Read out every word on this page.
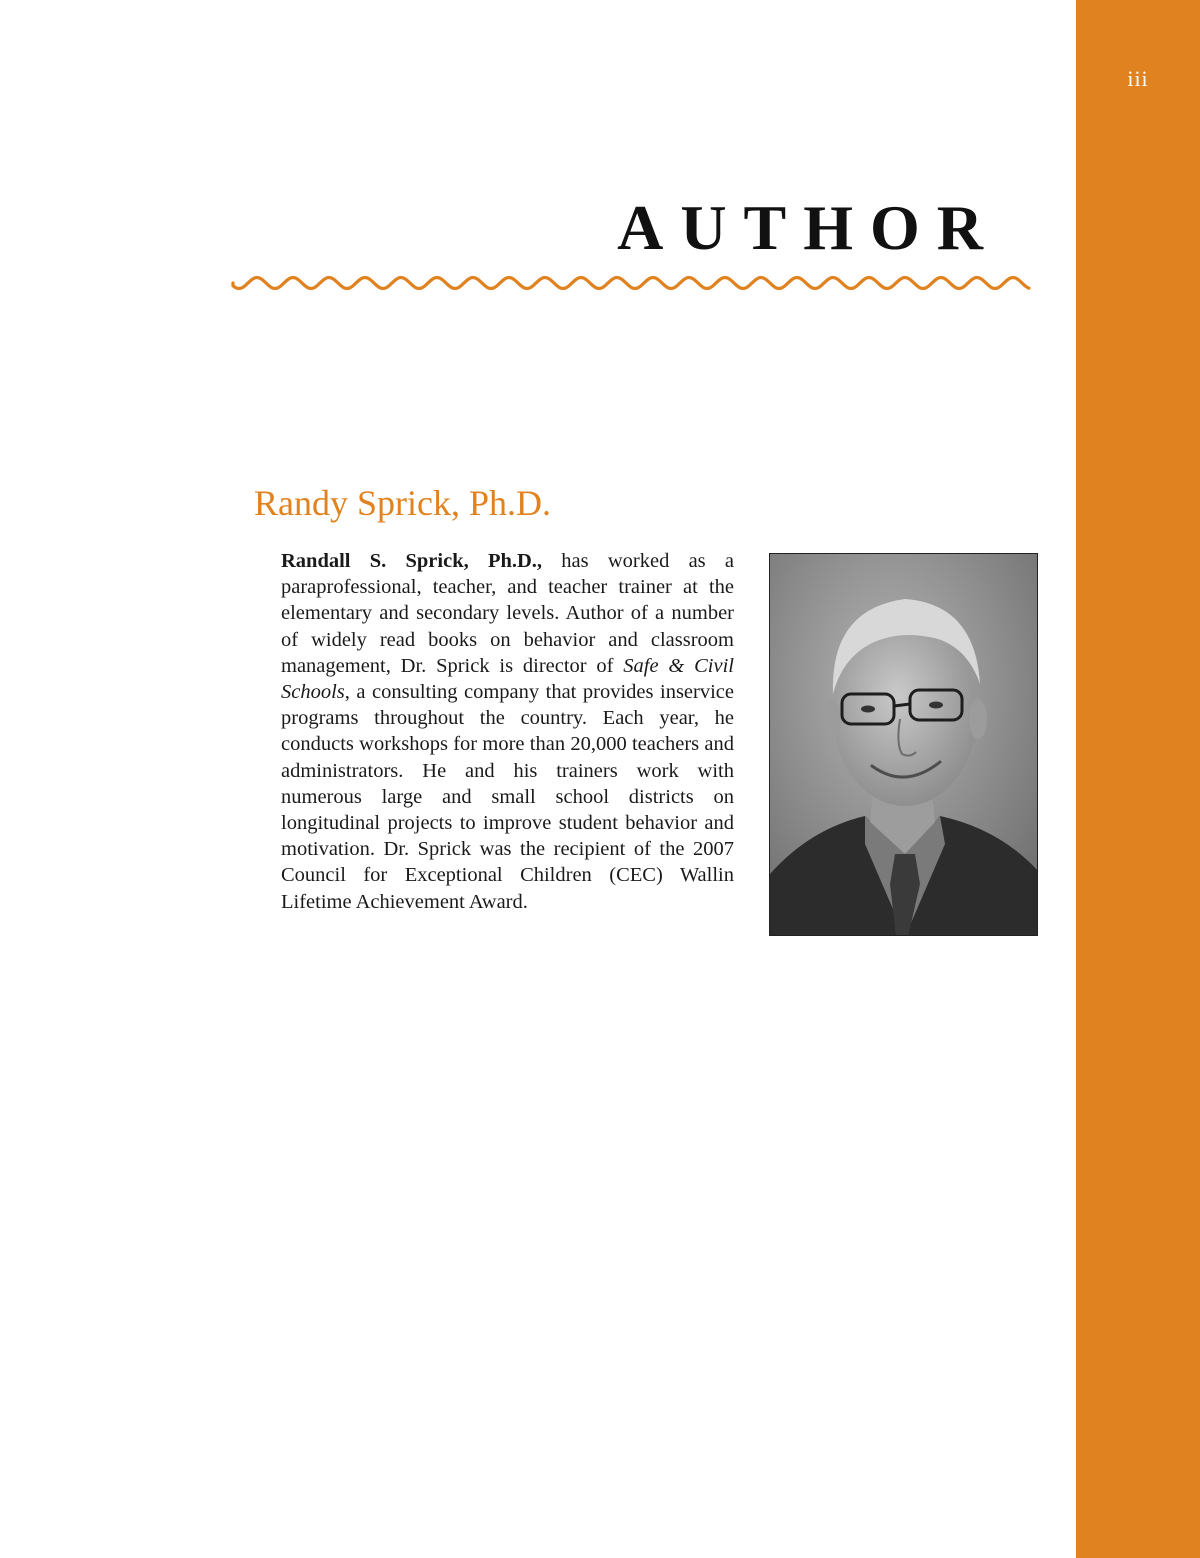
iii
AUTHOR
Randy Sprick, Ph.D.

Randall S. Sprick, Ph.D., has worked as a paraprofessional, teacher, and teacher trainer at the elementary and secondary levels. Author of a number of widely read books on behavior and classroom management, Dr. Sprick is director of Safe & Civil Schools, a consulting company that provides inservice programs throughout the country. Each year, he conducts workshops for more than 20,000 teachers and administrators. He and his trainers work with numerous large and small school districts on longitudinal projects to improve student behavior and motivation. Dr. Sprick was the recipient of the 2007 Council for Exceptional Children (CEC) Wallin Lifetime Achievement Award.
